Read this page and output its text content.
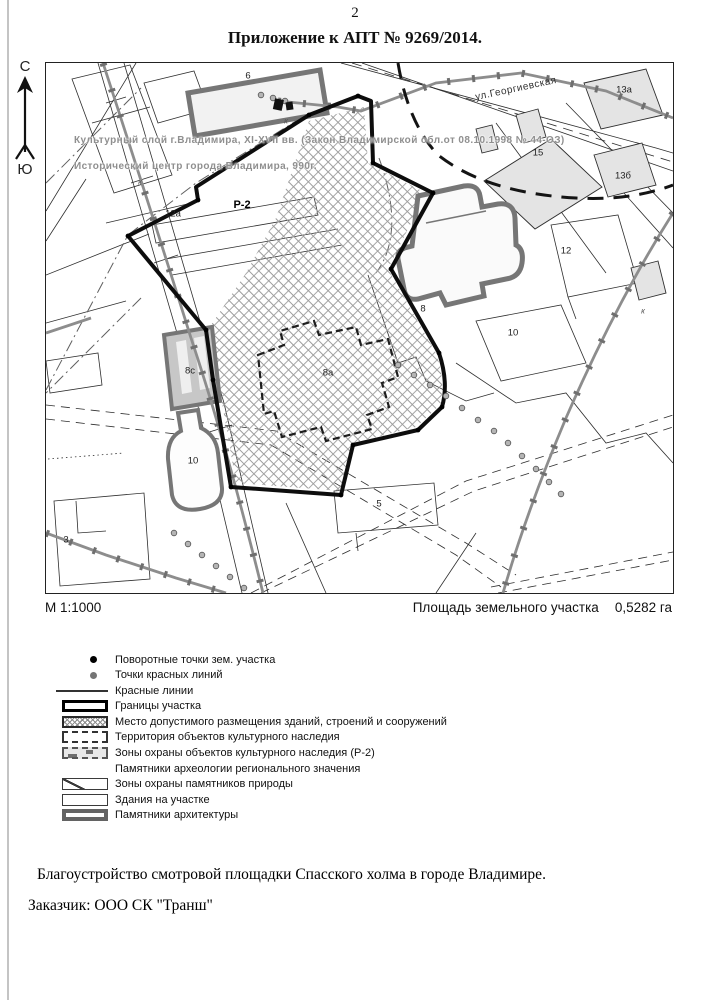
2
Приложение к АПТ № 9269/2014.
С
Ю
Культурный слой г.Владимира, XI-XVII вв. (Закон Владимирской обл.от 08.10.1998 № 44-ОЗ)
Исторический центр города Владимира, 990г.
6
13а
15
13б
12а
Р-2
12
10
8
8с	8а
10
3
5
к
к
к
ул.Георгиевская
М 1:1000	Площадь земельного участка 0,5282 га
Поворотные точки зем. участка
Точки красных линий
Красные линии
Границы участка
Место допустимого размещения зданий, строений и сооружений
Территория объектов культурного наследия
Зоны охраны объектов культурного наследия (Р-2)
Памятники археологии регионального значения
Зоны охраны памятников природы
Здания на участке
Памятники архитектуры
Благоустройство смотровой площадки Спасского холма в городе Владимире.
Заказчик: ООО СК "Транш"
